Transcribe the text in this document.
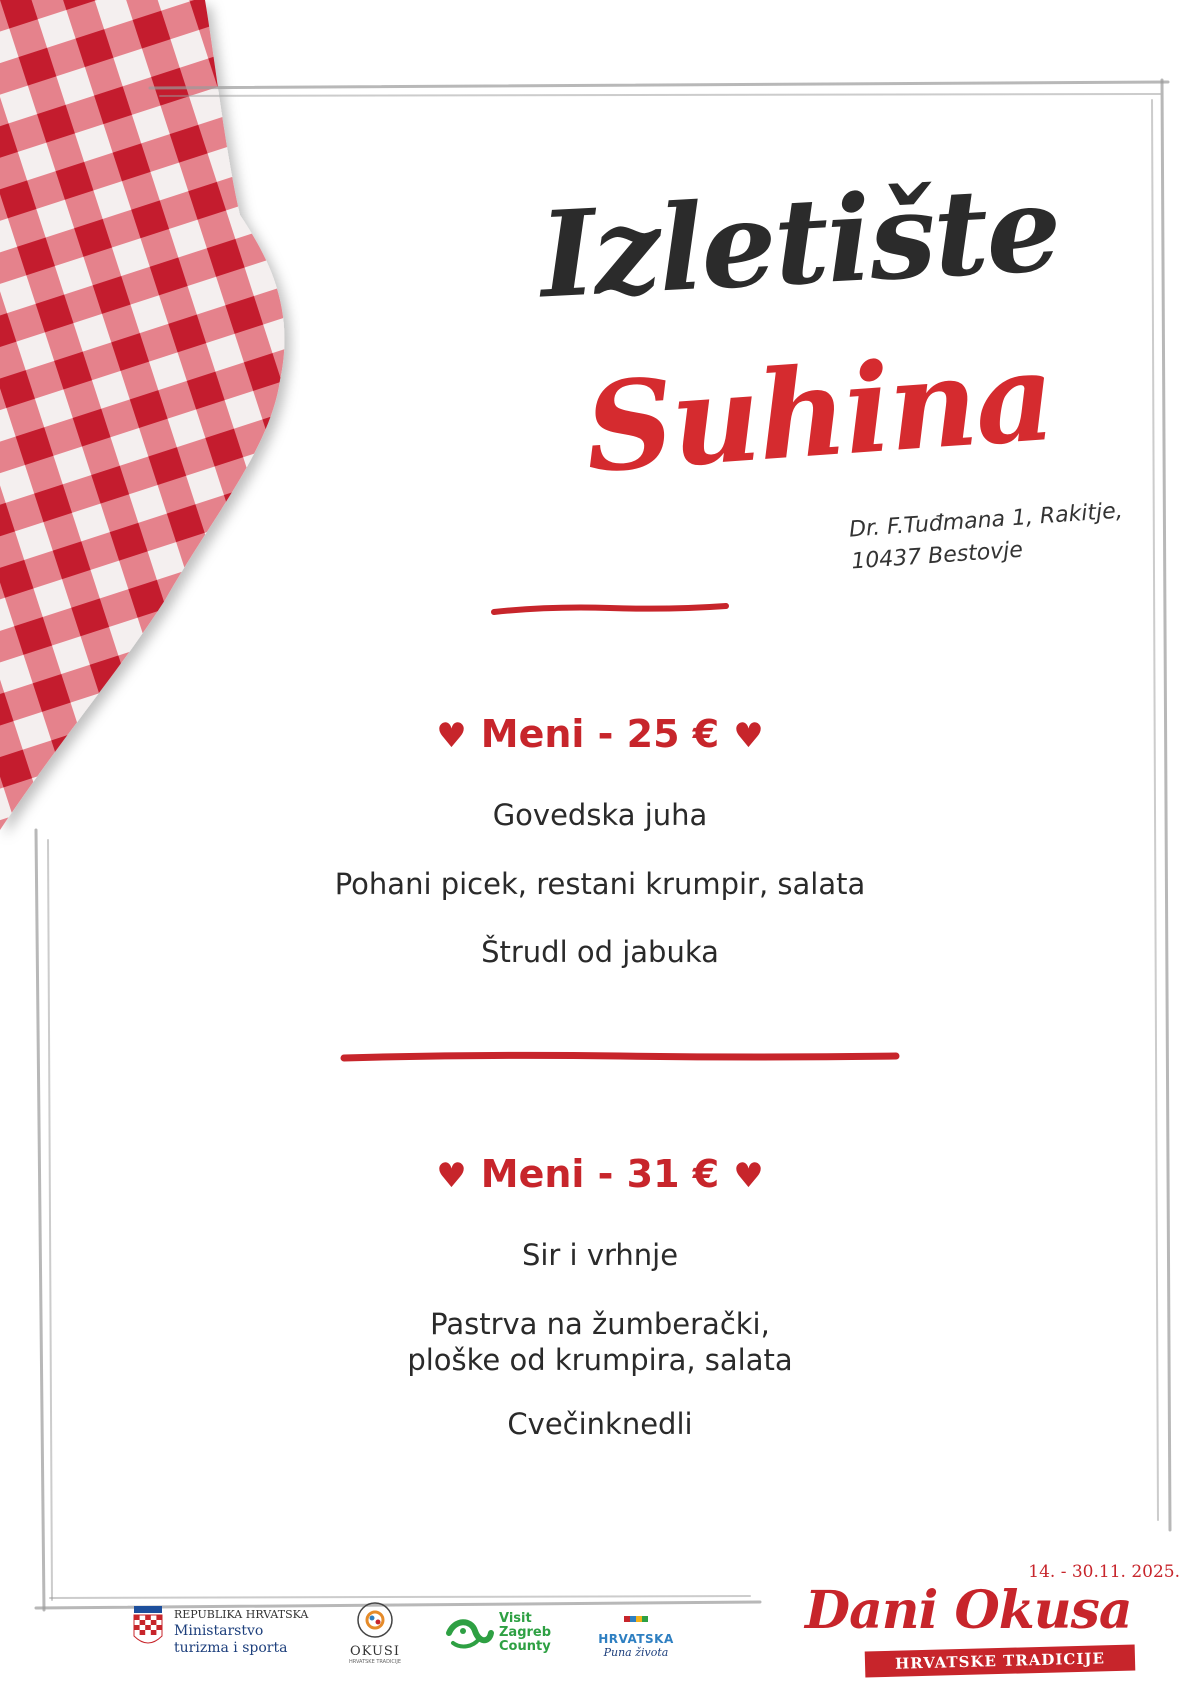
Izletište
Suhina
Dr. F.Tuđmana 1, Rakitje,
10437 Bestovje
♥ Meni - 25 € ♥
Govedska juha
Pohani picek, restani krumpir, salata
Štrudl od jabuka
♥ Meni - 31 € ♥
Sir i vrhnje
Pastrva na žumberački,
ploške od krumpira, salata
Cvečinknedli
REPUBLIKA HRVATSKA
Ministarstvo
turizma i sporta	OKUSI
HRVATSKE TRADICIJE
Visit
Zagreb
County	HRVATSKA
Puna života
14. - 30.11. 2025.
Dani Okusa
HRVATSKE TRADICIJE
